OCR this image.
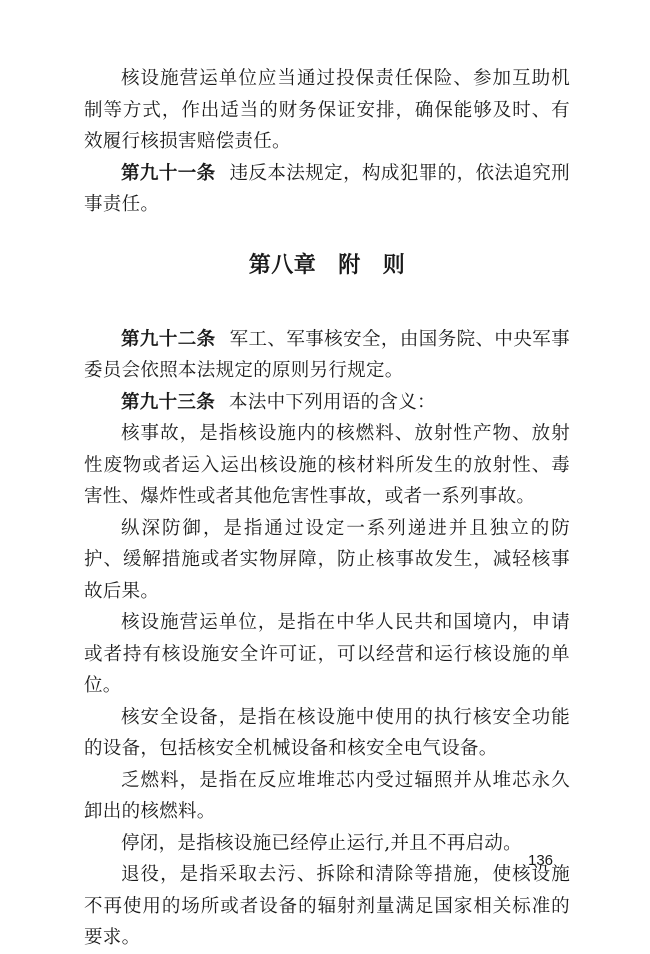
核设施营运单位应当通过投保责任保险、参加互助机制等方式，作出适当的财务保证安排，确保能够及时、有效履行核损害赔偿责任。

第九十一条 违反本法规定，构成犯罪的，依法追究刑事责任。

第八章 附 则

第九十二条 军工、军事核安全，由国务院、中央军事委员会依照本法规定的原则另行规定。

第九十三条 本法中下列用语的含义：

核事故，是指核设施内的核燃料、放射性产物、放射性废物或者运入运出核设施的核材料所发生的放射性、毒害性、爆炸性或者其他危害性事故，或者一系列事故。

纵深防御，是指通过设定一系列递进并且独立的防护、缓解措施或者实物屏障，防止核事故发生，减轻核事故后果。

核设施营运单位，是指在中华人民共和国境内，申请或者持有核设施安全许可证，可以经营和运行核设施的单位。

核安全设备，是指在核设施中使用的执行核安全功能的设备，包括核安全机械设备和核安全电气设备。

乏燃料，是指在反应堆堆芯内受过辐照并从堆芯永久卸出的核燃料。

停闭，是指核设施已经停止运行,并且不再启动。

退役，是指采取去污、拆除和清除等措施，使核设施不再使用的场所或者设备的辐射剂量满足国家相关标准的要求。

136
